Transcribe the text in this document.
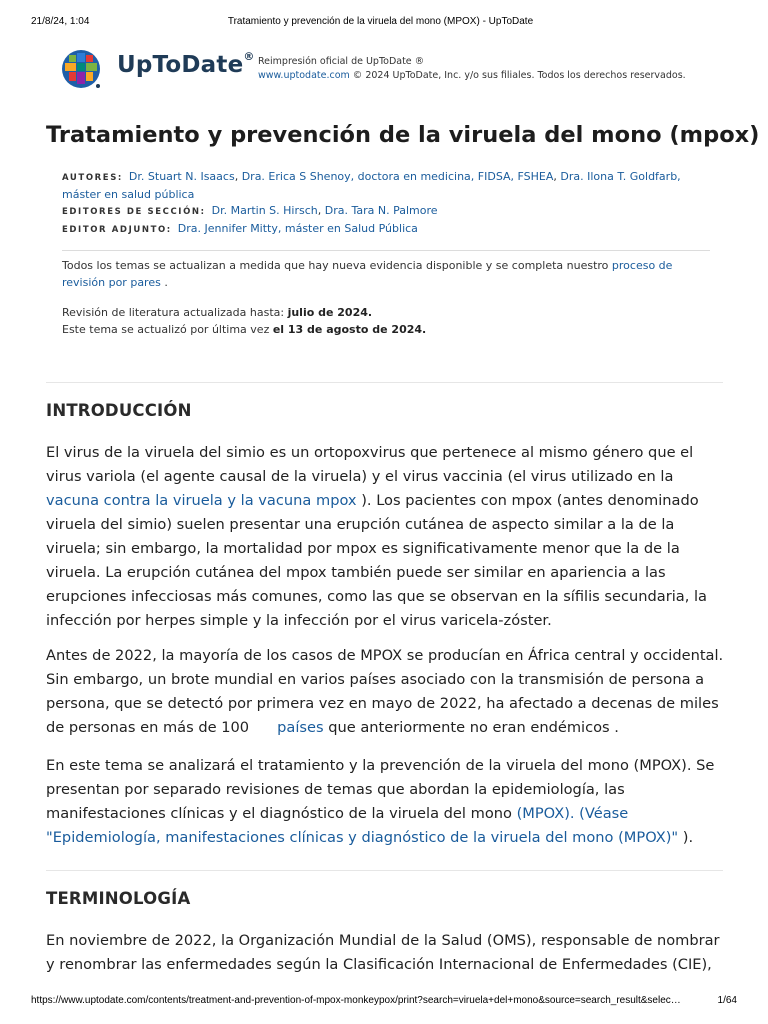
21/8/24, 1:04	Tratamiento y prevención de la viruela del mono (MPOX) - UpToDate
UpToDate® Reimpresión oficial de UpToDate ®
www.uptodate.com © 2024 UpToDate, Inc. y/o sus filiales. Todos los derechos reservados.
Tratamiento y prevención de la viruela del mono (mpox)

AUTORES: Dr. Stuart N. Isaacs, Dra. Erica S Shenoy, doctora en medicina, FIDSA, FSHEA, Dra. Ilona T. Goldfarb, máster en salud pública

EDITORES DE SECCIÓN: Dr. Martin S. Hirsch, Dra. Tara N. Palmore

EDITOR ADJUNTO: Dra. Jennifer Mitty, máster en Salud Pública

Todos los temas se actualizan a medida que hay nueva evidencia disponible y se completa nuestro proceso de revisión por pares .
Revisión de literatura actualizada hasta: julio de 2024.
Este tema se actualizó por última vez el 13 de agosto de 2024.
INTRODUCCIÓN

El virus de la viruela del simio es un ortopoxvirus que pertenece al mismo género que el virus variola (el agente causal de la viruela) y el virus vaccinia (el virus utilizado en la vacuna contra la viruela y la vacuna mpox ). Los pacientes con mpox (antes denominado viruela del simio) suelen presentar una erupción cutánea de aspecto similar a la de la viruela; sin embargo, la mortalidad por mpox es significativamente menor que la de la viruela. La erupción cutánea del mpox también puede ser similar en apariencia a las erupciones infecciosas más comunes, como las que se observan en la sífilis secundaria, la infección por herpes simple y la infección por el virus varicela-zóster.

Antes de 2022, la mayoría de los casos de MPOX se producían en África central y occidental. Sin embargo, un brote mundial en varios países asociado con la transmisión de persona a persona, que se detectó por primera vez en mayo de 2022, ha afectado a decenas de miles de personas en más de 100 países que anteriormente no eran endémicos .

En este tema se analizará el tratamiento y la prevención de la viruela del mono (MPOX). Se presentan por separado revisiones de temas que abordan la epidemiología, las manifestaciones clínicas y el diagnóstico de la viruela del mono (MPOX). (Véase "Epidemiología, manifestaciones clínicas y diagnóstico de la viruela del mono (MPOX)" ).

TERMINOLOGÍA

En noviembre de 2022, la Organización Mundial de la Salud (OMS), responsable de nombrar y renombrar las enfermedades según la Clasificación Internacional de Enfermedades (CIE),

https://www.uptodate.com/contents/treatment-and-prevention-of-mpox-monkeypox/print?search=viruela+del+mono&source=search_result&selec…	1/64
